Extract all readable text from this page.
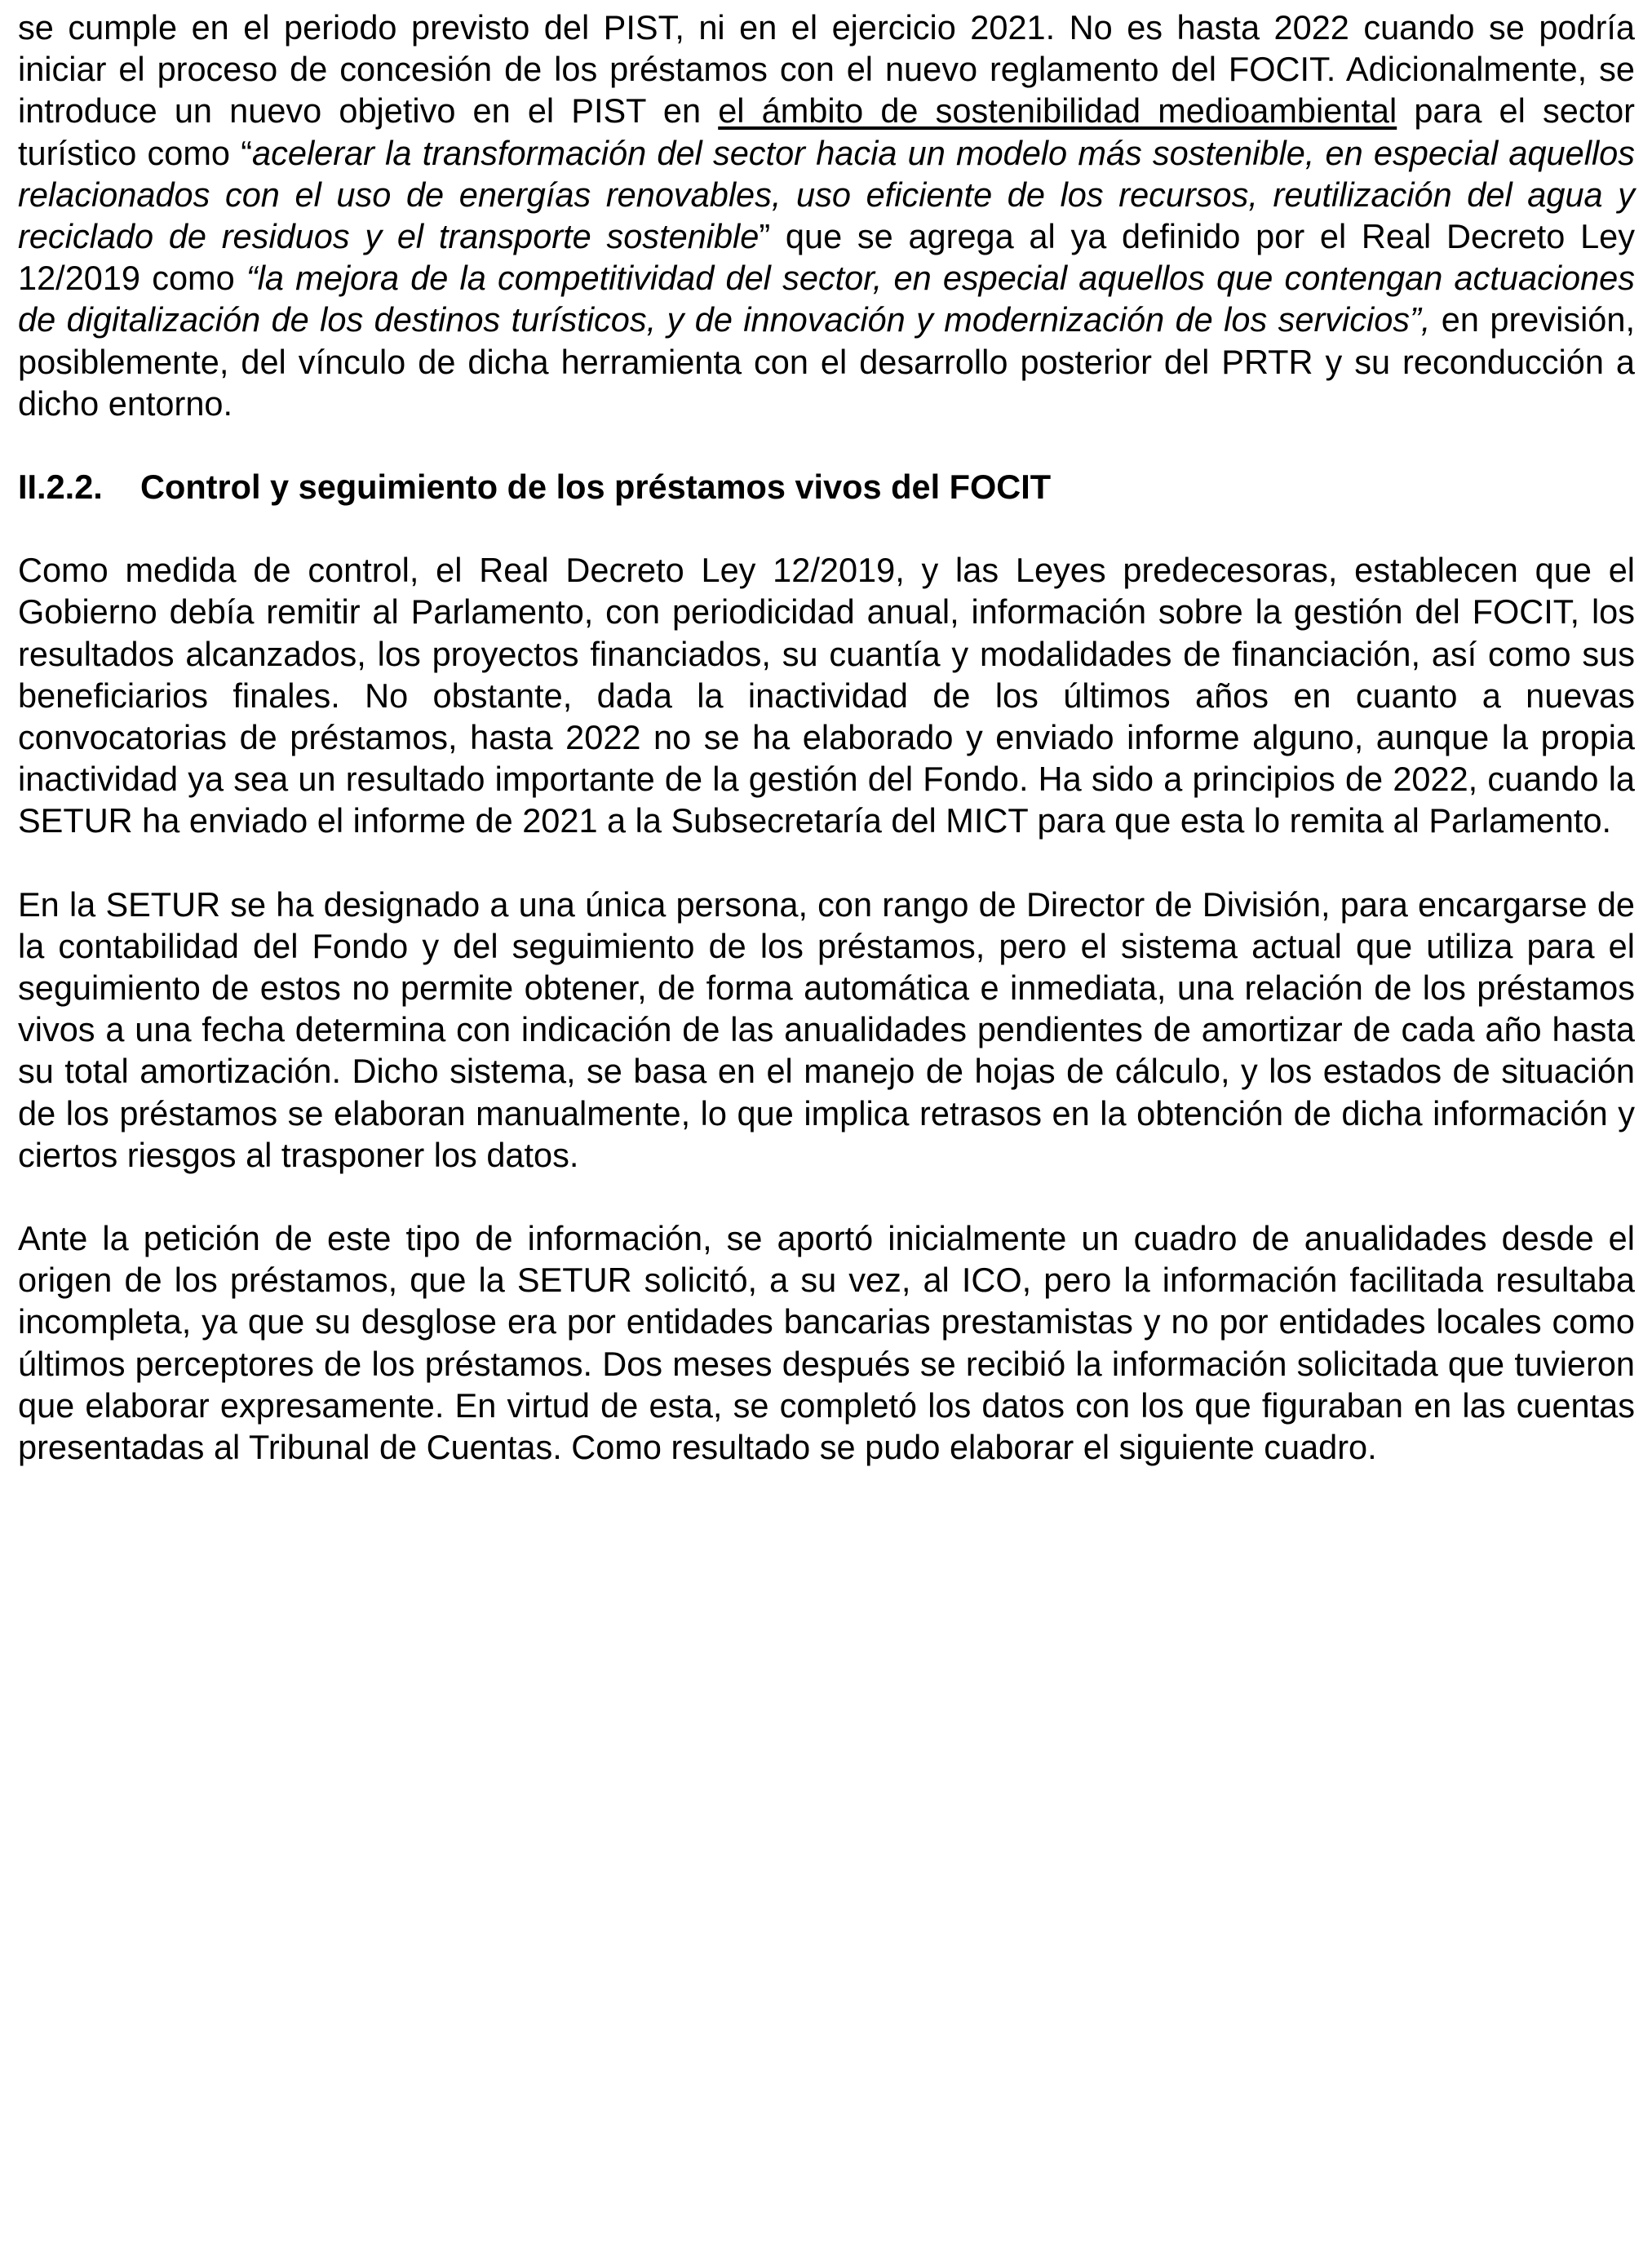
se cumple en el periodo previsto del PIST, ni en el ejercicio 2021. No es hasta 2022 cuando se podría iniciar el proceso de concesión de los préstamos con el nuevo reglamento del FOCIT. Adicionalmente, se introduce un nuevo objetivo en el PIST en el ámbito de sostenibilidad medioambiental para el sector turístico como “acelerar la transformación del sector hacia un modelo más sostenible, en especial aquellos relacionados con el uso de energías renovables, uso eficiente de los recursos, reutilización del agua y reciclado de residuos y el transporte sostenible” que se agrega al ya definido por el Real Decreto Ley 12/2019 como “la mejora de la competitividad del sector, en especial aquellos que contengan actuaciones de digitalización de los destinos turísticos, y de innovación y modernización de los servicios”, en previsión, posiblemente, del vínculo de dicha herramienta con el desarrollo posterior del PRTR y su reconducción a dicho entorno.

II.2.2.	Control y seguimiento de los préstamos vivos del FOCIT

Como medida de control, el Real Decreto Ley 12/2019, y las Leyes predecesoras, establecen que el Gobierno debía remitir al Parlamento, con periodicidad anual, información sobre la gestión del FOCIT, los resultados alcanzados, los proyectos financiados, su cuantía y modalidades de financiación, así como sus beneficiarios finales. No obstante, dada la inactividad de los últimos años en cuanto a nuevas convocatorias de préstamos, hasta 2022 no se ha elaborado y enviado informe alguno, aunque la propia inactividad ya sea un resultado importante de la gestión del Fondo. Ha sido a principios de 2022, cuando la SETUR ha enviado el informe de 2021 a la Subsecretaría del MICT para que esta lo remita al Parlamento.

En la SETUR se ha designado a una única persona, con rango de Director de División, para encargarse de la contabilidad del Fondo y del seguimiento de los préstamos, pero el sistema actual que utiliza para el seguimiento de estos no permite obtener, de forma automática e inmediata, una relación de los préstamos vivos a una fecha determina con indicación de las anualidades pendientes de amortizar de cada año hasta su total amortización. Dicho sistema, se basa en el manejo de hojas de cálculo, y los estados de situación de los préstamos se elaboran manualmente, lo que implica retrasos en la obtención de dicha información y ciertos riesgos al trasponer los datos.

Ante la petición de este tipo de información, se aportó inicialmente un cuadro de anualidades desde el origen de los préstamos, que la SETUR solicitó, a su vez, al ICO, pero la información facilitada resultaba incompleta, ya que su desglose era por entidades bancarias prestamistas y no por entidades locales como últimos perceptores de los préstamos. Dos meses después se recibió la información solicitada que tuvieron que elaborar expresamente. En virtud de esta, se completó los datos con los que figuraban en las cuentas presentadas al Tribunal de Cuentas. Como resultado se pudo elaborar el siguiente cuadro.
